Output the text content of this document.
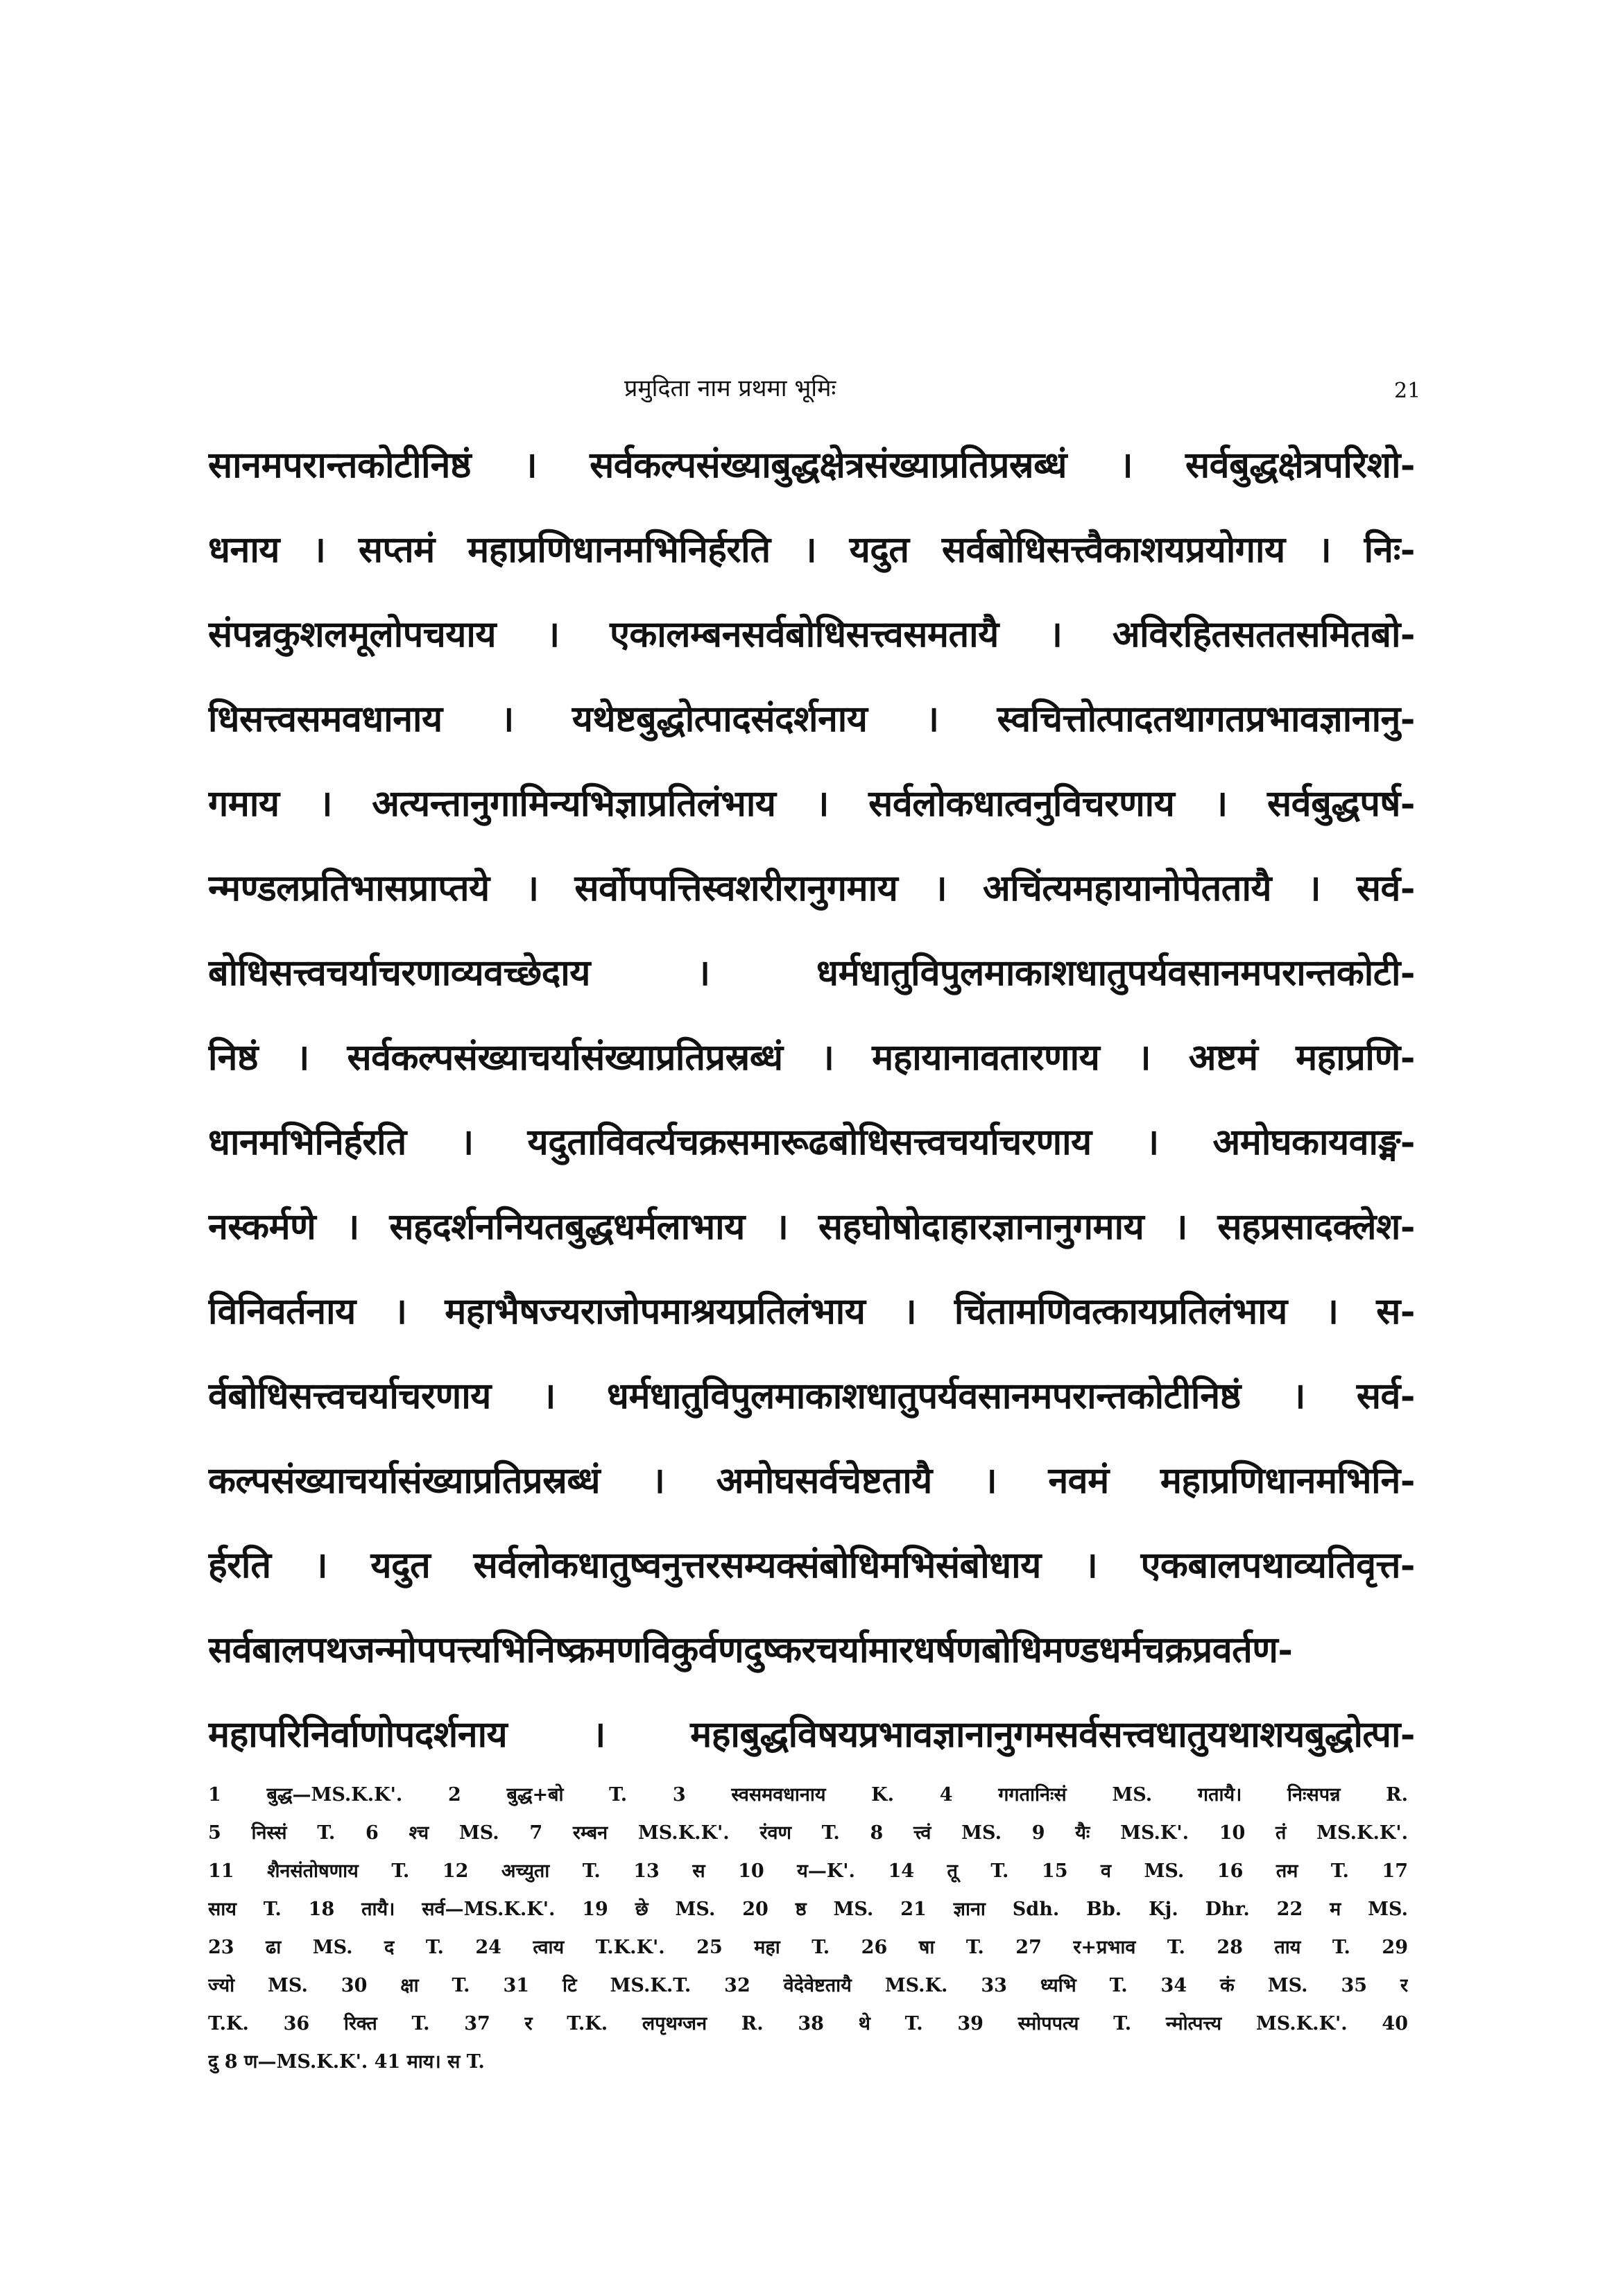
प्रमुदिता नाम प्रथमा भूमिः	21
सानमपरान्तकोटीनिष्ठं । सर्वकल्पसंख्याबुद्धक्षेत्रसंख्याप्रतिप्रस्रब्धं । सर्वबुद्धक्षेत्रपरिशो-
धनाय । सप्तमं महाप्रणिधानमभिनिर्हरति । यदुत सर्वबोधिसत्त्वैकाशयप्रयोगाय । निः-
संपन्नकुशलमूलोपचयाय । एकालम्बनसर्वबोधिसत्त्वसमतायै । अविरहितसततसमितबो-
धिसत्त्वसमवधानाय । यथेष्टबुद्धोत्पादसंदर्शनाय । स्वचित्तोत्पादतथागतप्रभावज्ञानानु-
गमाय । अत्यन्तानुगामिन्यभिज्ञाप्रतिलंभाय । सर्वलोकधात्वनुविचरणाय । सर्वबुद्धपर्ष-
न्मण्डलप्रतिभासप्राप्तये । सर्वोपपत्तिस्वशरीरानुगमाय । अचिंत्यमहायानोपेततायै । सर्व-
बोधिसत्त्वचर्याचरणाव्यवच्छेदाय । धर्मधातुविपुलमाकाशधातुपर्यवसानमपरान्तकोटी-
निष्ठं । सर्वकल्पसंख्याचर्यासंख्याप्रतिप्रस्रब्धं । महायानावतारणाय । अष्टमं महाप्रणि-
धानमभिनिर्हरति । यदुताविवर्त्यचक्रसमारूढबोधिसत्त्वचर्याचरणाय । अमोघकायवाङ्म-
नस्कर्मणे । सहदर्शननियतबुद्धधर्मलाभाय । सहघोषोदाहारज्ञानानुगमाय । सहप्रसादक्लेश-
विनिवर्तनाय । महाभैषज्यराजोपमाश्रयप्रतिलंभाय । चिंतामणिवत्कायप्रतिलंभाय । स-
र्वबोधिसत्त्वचर्याचरणाय । धर्मधातुविपुलमाकाशधातुपर्यवसानमपरान्तकोटीनिष्ठं । सर्व-
कल्पसंख्याचर्यासंख्याप्रतिप्रस्रब्धं । अमोघसर्वचेष्टतायै । नवमं महाप्रणिधानमभिनि-
र्हरति । यदुत सर्वलोकधातुष्वनुत्तरसम्यक्संबोधिमभिसंबोधाय । एकबालपथाव्यतिवृत्त-
सर्वबालपथजन्मोपपत्त्यभिनिष्क्रमणविकुर्वणदुष्करचर्यामारधर्षणबोधिमण्डधर्मचक्रप्रवर्तण-
महापरिनिर्वाणोपदर्शनाय । महाबुद्धविषयप्रभावज्ञानानुगमसर्वसत्त्वधातुयथाशयबुद्धोत्पा-
1 बुद्ध—MS.K.K'. 2 बुद्ध+बो T. 3 स्वसमवधानाय K. 4 गगतानिःसं MS. गतायै। निःसपन्न R.
5 निस्सं T. 6 श्च MS. 7 रम्बन MS.K.K'. रंवण T. 8 त्त्वं MS. 9 यैः MS.K'. 10 तं MS.K.K'.
11 शैनसंतोषणाय T. 12 अच्युता T. 13 स 10 य—K'. 14 तू T. 15 व MS. 16 तम T. 17
साय T. 18 तायै। सर्व—MS.K.K'. 19 छे MS. 20 ष्ठ MS. 21 ज्ञाना Sdh. Bb. Kj. Dhr. 22 म MS.
23 ढा MS. द T. 24 त्वाय T.K.K'. 25 महा T. 26 षा T. 27 र+प्रभाव T. 28 ताय T. 29
ज्यो MS. 30 क्षा T. 31 टि MS.K.T. 32 वेदेवेष्टतायै MS.K. 33 ध्यभि T. 34 कं MS. 35 र
T.K. 36 रिक्त T. 37 र T.K. लपृथग्जन R. 38 थे T. 39 स्मोपपत्य T. न्मोत्पत्त्य MS.K.K'. 40
दु 8 ण—MS.K.K'. 41 माय। स T.
